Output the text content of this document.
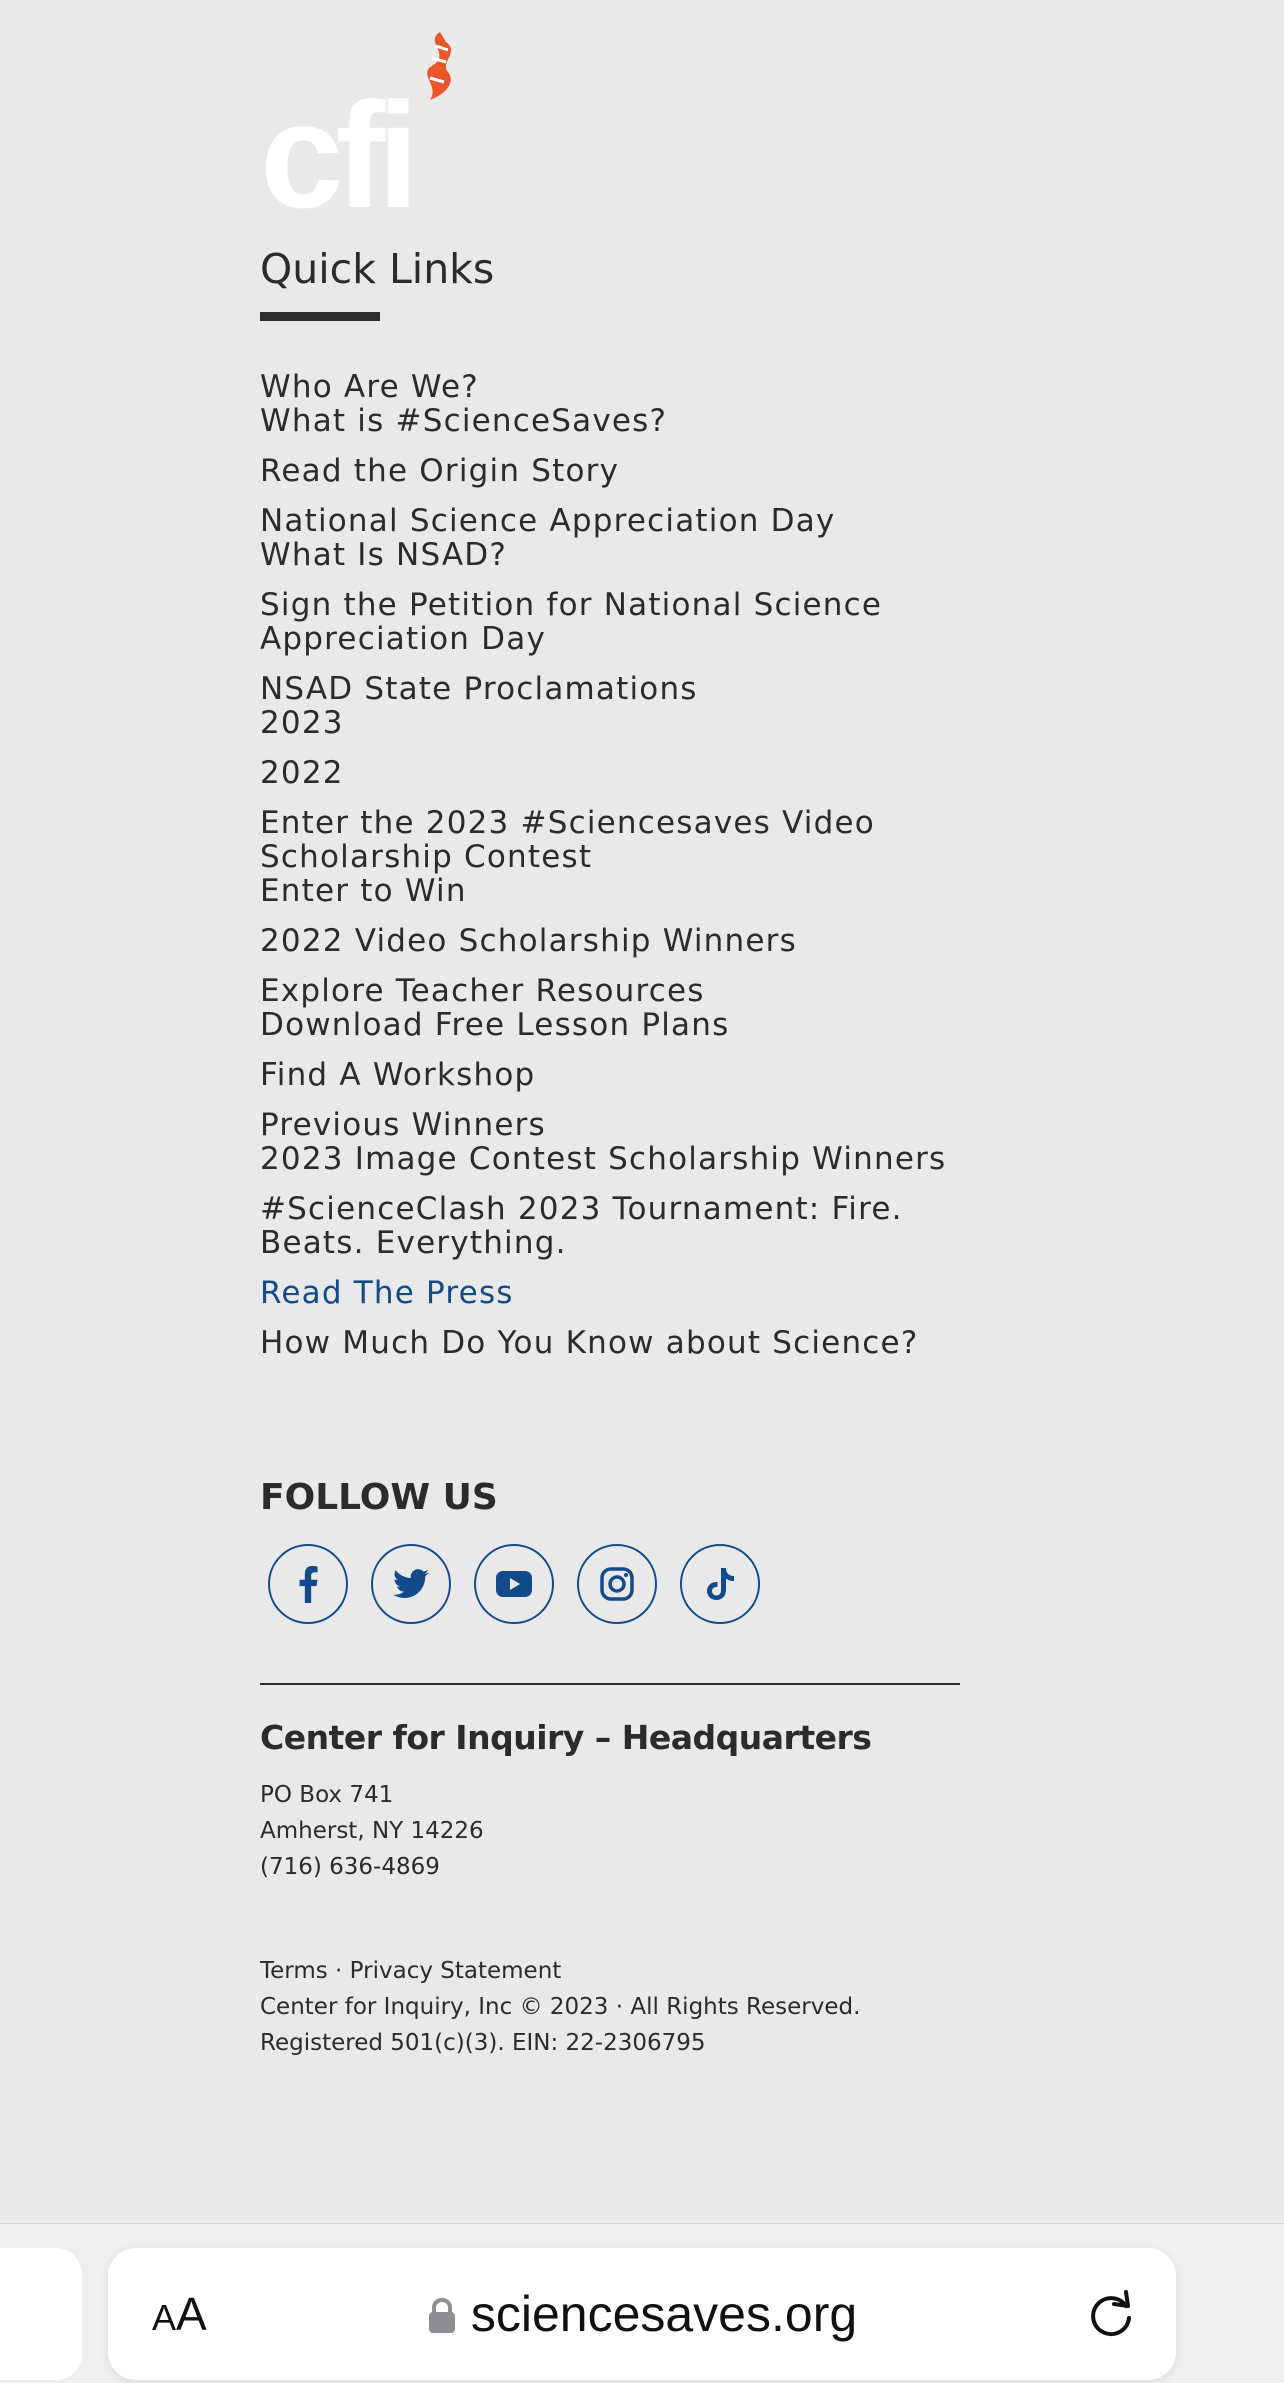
cfi
Quick Links
Who Are We?
What is #ScienceSaves?
Read the Origin Story
National Science Appreciation Day
What Is NSAD?
Sign the Petition for National Science
Appreciation Day
NSAD State Proclamations
2023
2022
Enter the 2023 #Sciencesaves Video
Scholarship Contest
Enter to Win
2022 Video Scholarship Winners
Explore Teacher Resources
Download Free Lesson Plans
Find A Workshop
Previous Winners
2023 Image Contest Scholarship Winners
#ScienceClash 2023 Tournament: Fire.
Beats. Everything.
Read The Press
How Much Do You Know about Science?
FOLLOW US
Center for Inquiry – Headquarters
PO Box 741
Amherst, NY 14226
(716) 636-4869
Terms · Privacy Statement
Center for Inquiry, Inc © 2023 · All Rights Reserved.
Registered 501(c)(3). EIN: 22-2306795
AA	sciencesaves.org
